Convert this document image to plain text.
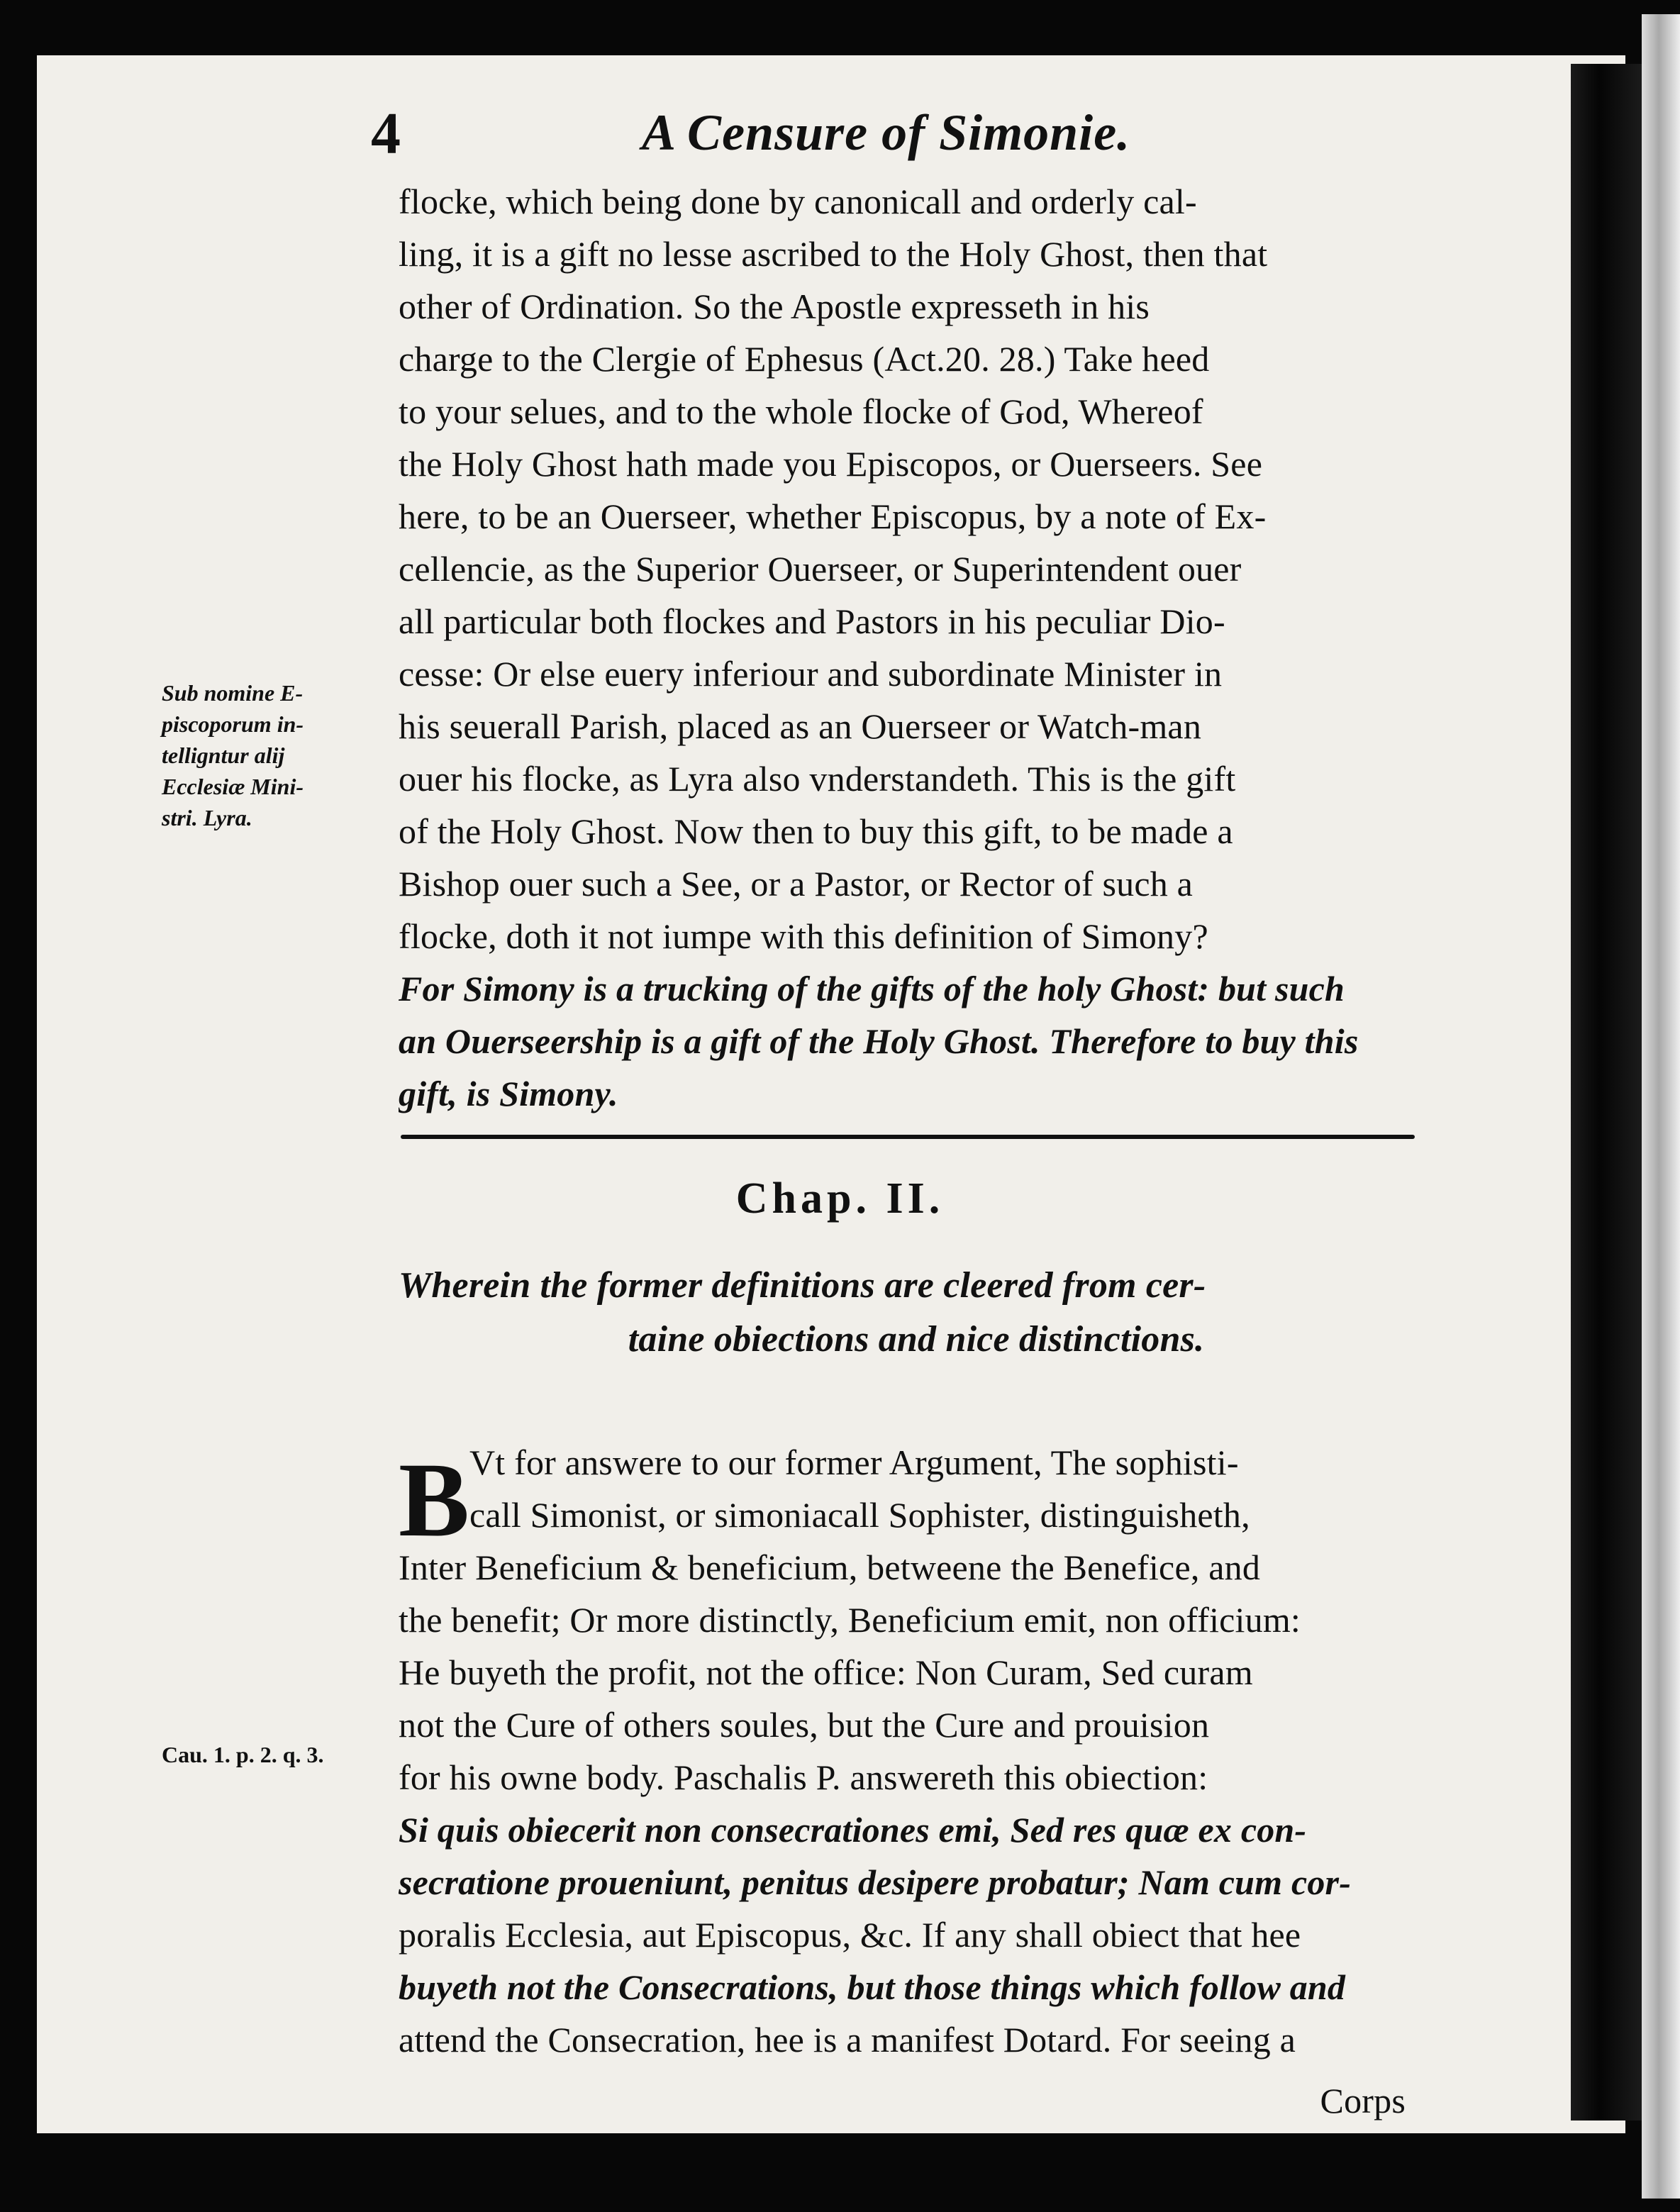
4	A Censure of Simonie.
flocke, which being done by canonicall and orderly cal-
ling, it is a gift no lesse ascribed to the Holy Ghost, then that
other of Ordination. So the Apostle expresseth in his
charge to the Clergie of Ephesus (Act.20. 28.) Take heed
to your selues, and to the whole flocke of God, Whereof
the Holy Ghost hath made you Episcopos, or Ouerseers. See
here, to be an Ouerseer, whether Episcopus, by a note of Ex-
cellencie, as the Superior Ouerseer, or Superintendent ouer
all particular both flockes and Pastors in his peculiar Dio-
cesse: Or else euery inferiour and subordinate Minister in
his seuerall Parish, placed as an Ouerseer or Watch-man
ouer his flocke, as Lyra also vnderstandeth. This is the gift
of the Holy Ghost. Now then to buy this gift, to be made a
Bishop ouer such a See, or a Pastor, or Rector of such a
flocke, doth it not iumpe with this definition of Simony?
For Simony is a trucking of the gifts of the holy Ghost: but such
an Ouerseership is a gift of the Holy Ghost. Therefore to buy this
gift, is Simony.
Sub nomine E-
piscoporum in-
telligntur alij
Ecclesiæ Mini-
stri. Lyra.
Cau. 1. p. 2. q. 3.
Chap. II.
Wherein the former definitions are cleered from cer-
taine obiections and nice distinctions.
B Vt for answere to our former Argument, The sophisti-
call Simonist, or simoniacall Sophister, distinguisheth,
Inter Beneficium & beneficium, betweene the Benefice, and
the benefit; Or more distinctly, Beneficium emit, non officium:
He buyeth the profit, not the office: Non Curam, Sed curam
not the Cure of others soules, but the Cure and prouision
for his owne body. Paschalis P. answereth this obiection:
Si quis obiecerit non consecrationes emi, Sed res quæ ex con-
secratione proueniunt, penitus desipere probatur; Nam cum cor-
poralis Ecclesia, aut Episcopus, &c. If any shall obiect that hee
buyeth not the Consecrations, but those things which follow and
attend the Consecration, hee is a manifest Dotard. For seeing a
Corps
